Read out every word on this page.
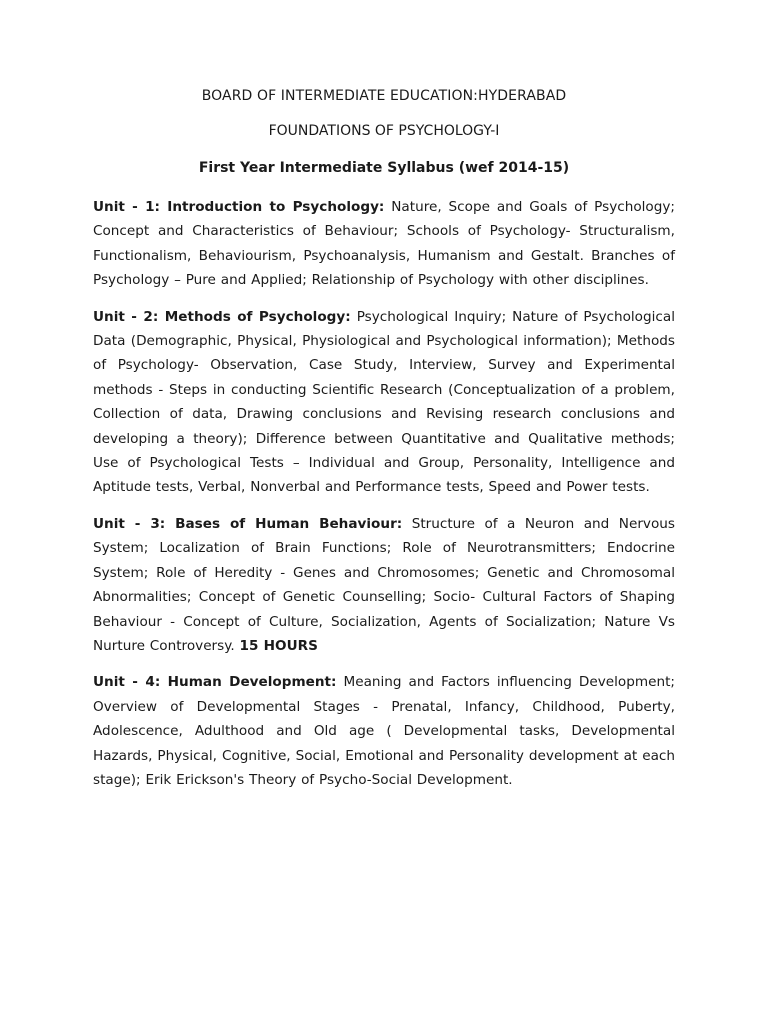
BOARD OF INTERMEDIATE EDUCATION:HYDERABAD

FOUNDATIONS OF PSYCHOLOGY-I

First Year Intermediate Syllabus (wef 2014-15)

Unit - 1: Introduction to Psychology: Nature, Scope and Goals of Psychology; Concept and Characteristics of Behaviour; Schools of Psychology- Structuralism, Functionalism, Behaviourism, Psychoanalysis, Humanism and Gestalt. Branches of Psychology – Pure and Applied; Relationship of Psychology with other disciplines.

Unit - 2: Methods of Psychology: Psychological Inquiry; Nature of Psychological Data (Demographic, Physical, Physiological and Psychological information); Methods of Psychology- Observation, Case Study, Interview, Survey and Experimental methods - Steps in conducting Scientific Research (Conceptualization of a problem, Collection of data, Drawing conclusions and Revising research conclusions and developing a theory); Difference between Quantitative and Qualitative methods; Use of Psychological Tests – Individual and Group, Personality, Intelligence and Aptitude tests, Verbal, Nonverbal and Performance tests, Speed and Power tests.

Unit - 3: Bases of Human Behaviour: Structure of a Neuron and Nervous System; Localization of Brain Functions; Role of Neurotransmitters; Endocrine System; Role of Heredity - Genes and Chromosomes; Genetic and Chromosomal Abnormalities; Concept of Genetic Counselling; Socio- Cultural Factors of Shaping Behaviour - Concept of Culture, Socialization, Agents of Socialization; Nature Vs Nurture Controversy. 15 HOURS

Unit - 4: Human Development: Meaning and Factors influencing Development; Overview of Developmental Stages - Prenatal, Infancy, Childhood, Puberty, Adolescence, Adulthood and Old age ( Developmental tasks, Developmental Hazards, Physical, Cognitive, Social, Emotional and Personality development at each stage); Erik Erickson's Theory of Psycho-Social Development.
